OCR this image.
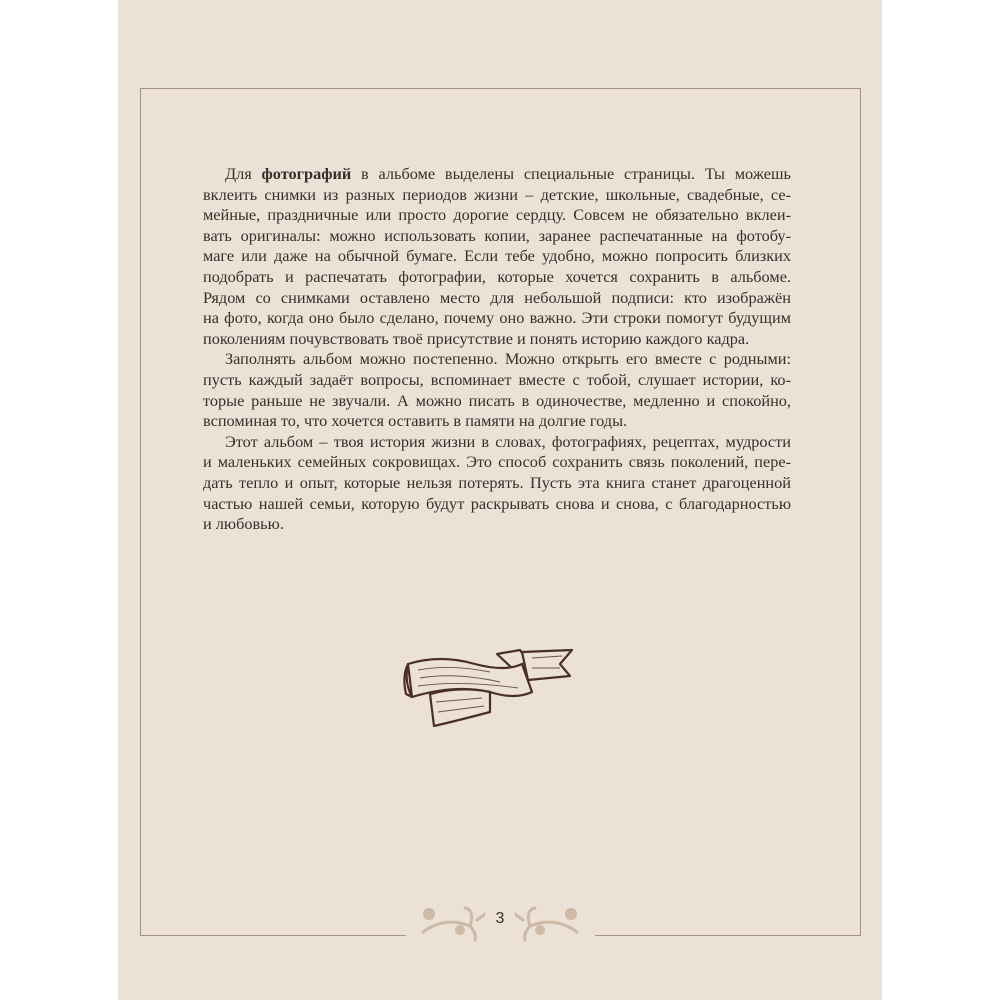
Для фотографий в альбоме выделены специальные страницы. Ты можешь
вклеить снимки из разных периодов жизни – детские, школьные, свадебные, се-
мейные, праздничные или просто дорогие сердцу. Совсем не обязательно вклеи-
вать оригиналы: можно использовать копии, заранее распечатанные на фотобу-
маге или даже на обычной бумаге. Если тебе удобно, можно попросить близких
подобрать и распечатать фотографии, которые хочется сохранить в альбоме.
Рядом со снимками оставлено место для небольшой подписи: кто изображён
на фото, когда оно было сделано, почему оно важно. Эти строки помогут будущим
поколениям почувствовать твоё присутствие и понять историю каждого кадра.
Заполнять альбом можно постепенно. Можно открыть его вместе с родными:
пусть каждый задаёт вопросы, вспоминает вместе с тобой, слушает истории, ко-
торые раньше не звучали. А можно писать в одиночестве, медленно и спокойно,
вспоминая то, что хочется оставить в памяти на долгие годы.
Этот альбом – твоя история жизни в словах, фотографиях, рецептах, мудрости
и маленьких семейных сокровищах. Это способ сохранить связь поколений, пере-
дать тепло и опыт, которые нельзя потерять. Пусть эта книга станет драгоценной
частью нашей семьи, которую будут раскрывать снова и снова, с благодарностью
и любовью.
3
